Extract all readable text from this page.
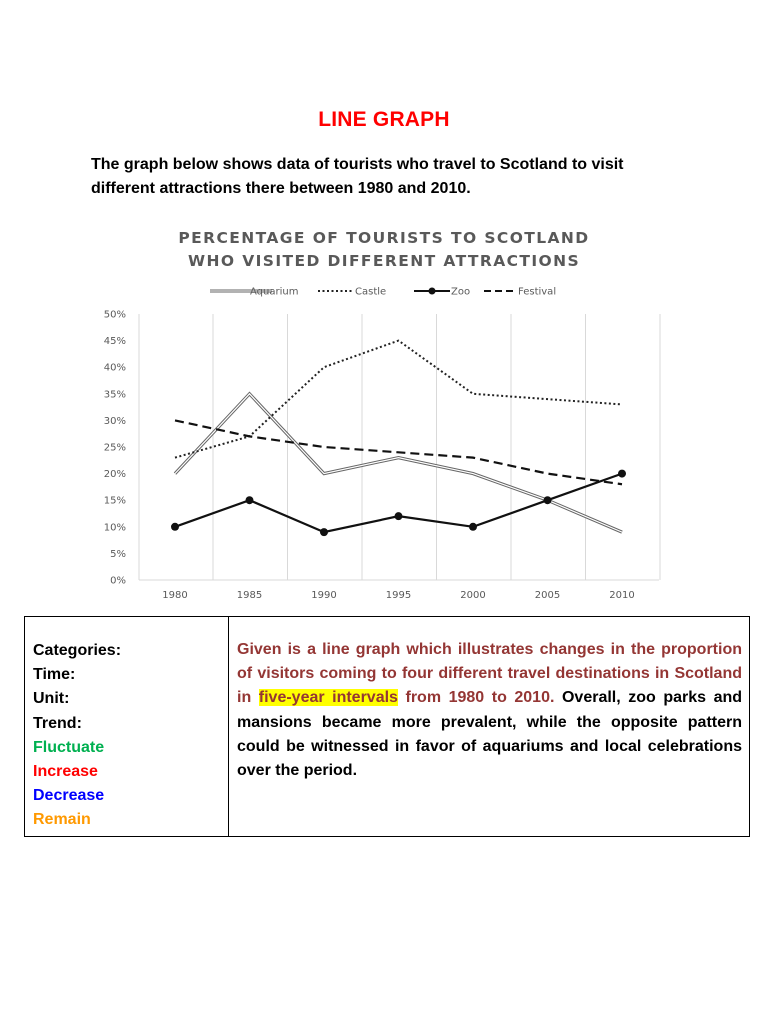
LINE GRAPH
The graph below shows data of tourists who travel to Scotland to visit different attractions there between 1980 and 2010.
PERCENTAGE OF TOURISTS TO SCOTLAND
WHO VISITED DIFFERENT ATTRACTIONS
Aquarium	Castle	Zoo	Festival
0%
5%
10%
15%
20%
25%
30%
35%
40%
45%
50%
1980	1985	1990	1995	2000	2005	2010
Categories:
Time:
Unit:
Trend:
Fluctuate
Increase
Decrease
Remain
Given is a line graph which illustrates changes in the proportion of visitors coming to four different travel destinations in Scotland in five-year intervals from 1980 to 2010. Overall, zoo parks and mansions became more prevalent, while the opposite pattern could be witnessed in favor of aquariums and local celebrations over the period.
